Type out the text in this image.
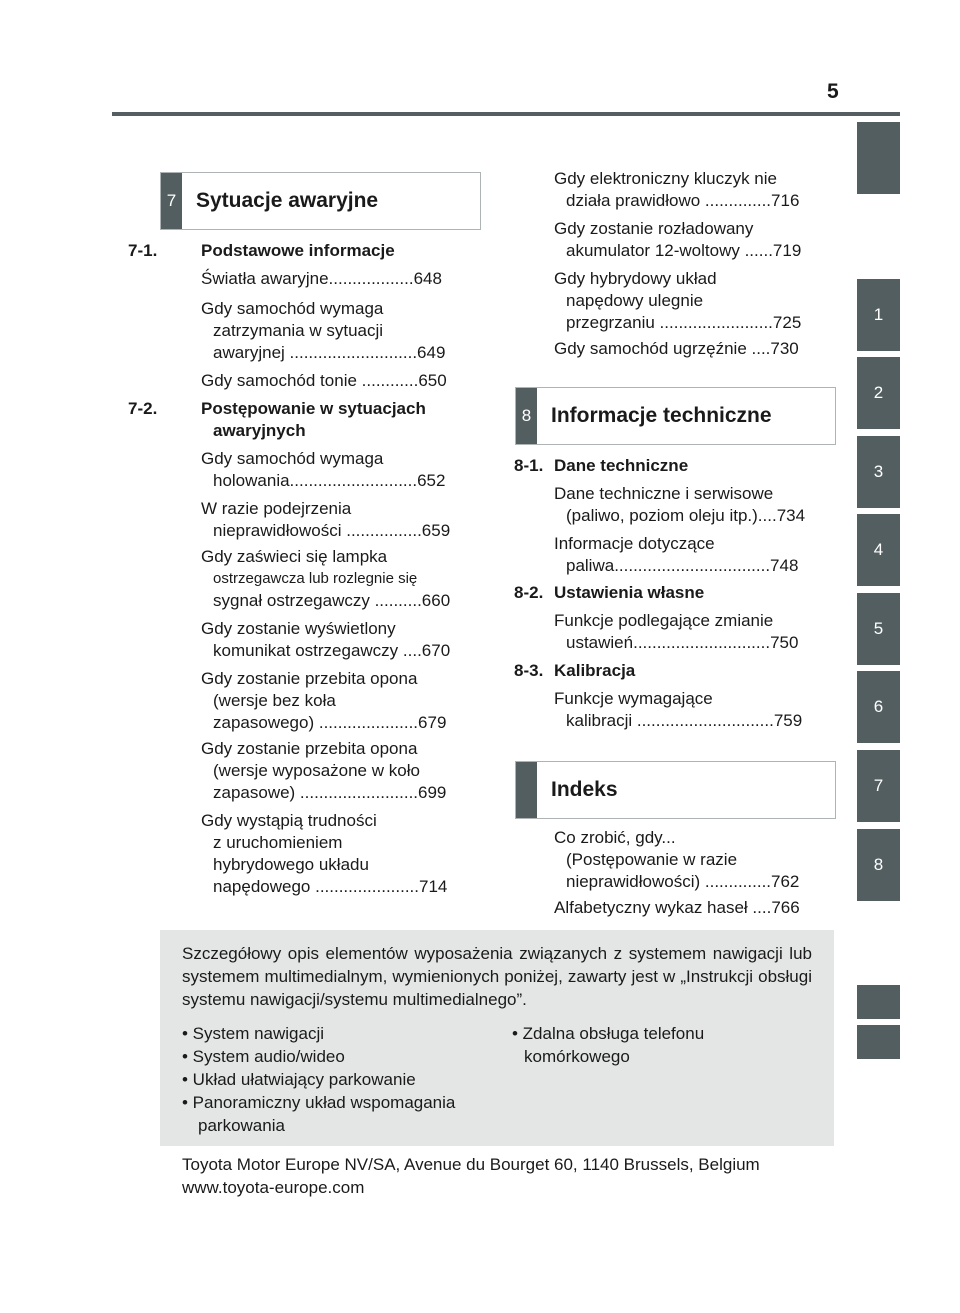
5
1
2
3
4
5
6
7
8
7 Sytuacje awaryjne
7-1.	Podstawowe informacje
Światła awaryjne..................648
Gdy samochód wymaga
zatrzymania w sytuacji
awaryjnej ...........................649
Gdy samochód tonie ............650
7-2.	Postępowanie w sytuacjach
awaryjnych
Gdy samochód wymaga
holowania...........................652
W razie podejrzenia
nieprawidłowości ................659
Gdy zaświeci się lampka
ostrzegawcza lub rozlegnie się
sygnał ostrzegawczy ..........660
Gdy zostanie wyświetlony
komunikat ostrzegawczy ....670
Gdy zostanie przebita opona
(wersje bez koła
zapasowego) .....................679
Gdy zostanie przebita opona
(wersje wyposażone w koło
zapasowe) .........................699
Gdy wystąpią trudności
z uruchomieniem
hybrydowego układu
napędowego ......................714
Gdy elektroniczny kluczyk nie
działa prawidłowo ..............716
Gdy zostanie rozładowany
akumulator 12-woltowy ......719
Gdy hybrydowy układ
napędowy ulegnie
przegrzaniu ........................725
Gdy samochód ugrzęźnie ....730
8 Informacje techniczne
8-1. Dane techniczne
Dane techniczne i serwisowe
(paliwo, poziom oleju itp.)....734
Informacje dotyczące
paliwa.................................748
8-2. Ustawienia własne
Funkcje podlegające zmianie
ustawień.............................750
8-3. Kalibracja
Funkcje wymagające
kalibracji .............................759
Indeks
Co zrobić, gdy...
(Postępowanie w razie
nieprawidłowości) ..............762
Alfabetyczny wykaz haseł ....766
Szczegółowy opis elementów wyposażenia związanych z systemem nawigacji lub systemem multimedialnym, wymienionych poniżej, zawarty jest w „Instrukcji obsługi systemu nawigacji/systemu multimedialnego”.
• System nawigacji
• System audio/wideo
• Układ ułatwiający parkowanie
• Panoramiczny układ wspomagania
parkowania
• Zdalna obsługa telefonu
komórkowego
Toyota Motor Europe NV/SA, Avenue du Bourget 60, 1140 Brussels, Belgium
www.toyota-europe.com
